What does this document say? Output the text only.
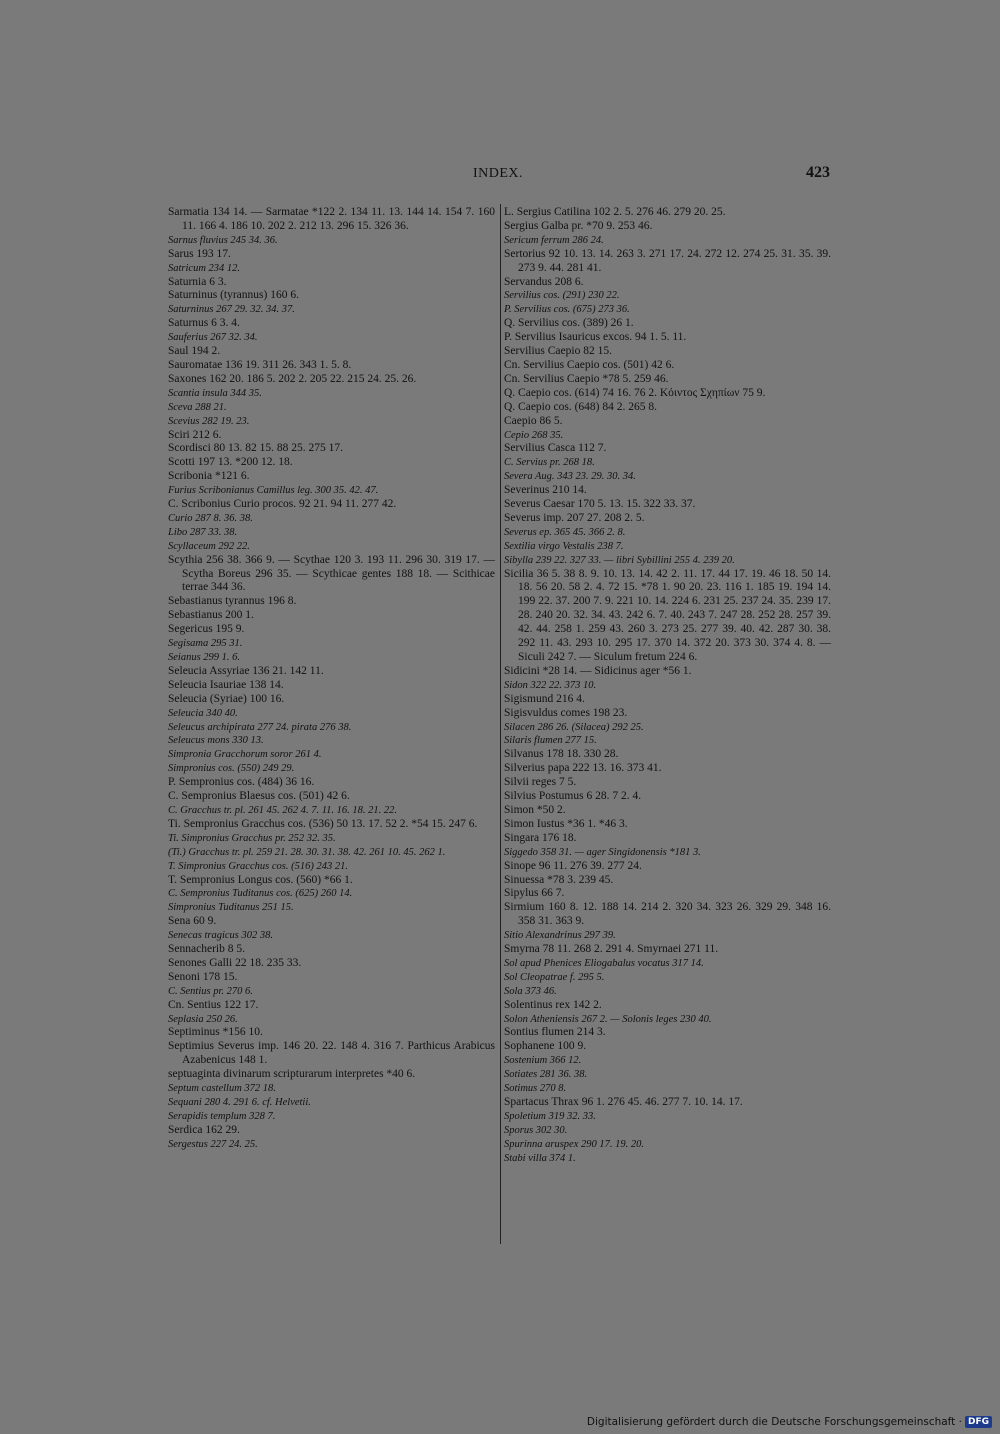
INDEX.	423

Sarmatia 134 14. — Sarmatae *122 2. 134 11. 13. 144 14. 154 7. 160 11. 166 4. 186 10. 202 2. 212 13. 296 15. 326 36.

Sarnus fluvius 245 34. 36.

Sarus 193 17.

Satricum 234 12.

Saturnia 6 3.

Saturninus (tyrannus) 160 6.

Saturninus 267 29. 32. 34. 37.

Saturnus 6 3. 4.

Sauferius 267 32. 34.

Saul 194 2.

Sauromatae 136 19. 311 26. 343 1. 5. 8.

Saxones 162 20. 186 5. 202 2. 205 22. 215 24. 25. 26.

Scantia insula 344 35.

Sceva 288 21.

Scevius 282 19. 23.

Sciri 212 6.

Scordisci 80 13. 82 15. 88 25. 275 17.

Scotti 197 13. *200 12. 18.

Scribonia *121 6.

Furius Scribonianus Camillus leg. 300 35. 42. 47.

C. Scribonius Curio procos. 92 21. 94 11. 277 42.

Curio 287 8. 36. 38.

Libo 287 33. 38.

Scyllaceum 292 22.

Scythia 256 38. 366 9. — Scythae 120 3. 193 11. 296 30. 319 17. — Scytha Boreus 296 35. — Scythicae gentes 188 18. — Scithicae terrae 344 36.

Sebastianus tyrannus 196 8.

Sebastianus 200 1.

Segericus 195 9.

Segisama 295 31.

Seianus 299 1. 6.

Seleucia Assyriae 136 21. 142 11.

Seleucia Isauriae 138 14.

Seleucia (Syriae) 100 16.

Seleucia 340 40.

Seleucus archipirata 277 24. pirata 276 38.

Seleucus mons 330 13.

Simpronia Gracchorum soror 261 4.

Simpronius cos. (550) 249 29.

P. Sempronius cos. (484) 36 16.

C. Sempronius Blaesus cos. (501) 42 6.

C. Gracchus tr. pl. 261 45. 262 4. 7. 11. 16. 18. 21. 22.

Ti. Sempronius Gracchus cos. (536) 50 13. 17. 52 2. *54 15. 247 6.

Ti. Simpronius Gracchus pr. 252 32. 35.

(Ti.) Gracchus tr. pl. 259 21. 28. 30. 31. 38. 42. 261 10. 45. 262 1.

T. Simpronius Gracchus cos. (516) 243 21.

T. Sempronius Longus cos. (560) *66 1.

C. Sempronius Tuditanus cos. (625) 260 14.

Simpronius Tuditanus 251 15.

Sena 60 9.

Senecas tragicus 302 38.

Sennacherib 8 5.

Senones Galli 22 18. 235 33.

Senoni 178 15.

C. Sentius pr. 270 6.

Cn. Sentius 122 17.

Seplasia 250 26.

Septiminus *156 10.

Septimius Severus imp. 146 20. 22. 148 4. 316 7. Parthicus Arabicus Azabenicus 148 1.

septuaginta divinarum scripturarum interpretes *40 6.

Septum castellum 372 18.

Sequani 280 4. 291 6. cf. Helvetii.

Serapidis templum 328 7.

Serdica 162 29.

Sergestus 227 24. 25.

L. Sergius Catilina 102 2. 5. 276 46. 279 20. 25.

Sergius Galba pr. *70 9. 253 46.

Sericum ferrum 286 24.

Sertorius 92 10. 13. 14. 263 3. 271 17. 24. 272 12. 274 25. 31. 35. 39. 273 9. 44. 281 41.

Servandus 208 6.

Servilius cos. (291) 230 22.

P. Servilius cos. (675) 273 36.

Q. Servilius cos. (389) 26 1.

P. Servilius Isauricus excos. 94 1. 5. 11.

Servilius Caepio 82 15.

Cn. Servilius Caepio cos. (501) 42 6.

Cn. Servilius Caepio *78 5. 259 46.

Q. Caepio cos. (614) 74 16. 76 2. Κόιντος Σχηπίων 75 9.

Q. Caepio cos. (648) 84 2. 265 8.

Caepio 86 5.

Cepio 268 35.

Servilius Casca 112 7.

C. Servius pr. 268 18.

Severa Aug. 343 23. 29. 30. 34.

Severinus 210 14.

Severus Caesar 170 5. 13. 15. 322 33. 37.

Severus imp. 207 27. 208 2. 5.

Severus ep. 365 45. 366 2. 8.

Sextilia virgo Vestalis 238 7.

Sibylla 239 22. 327 33. — libri Sybillini 255 4. 239 20.

Sicilia 36 5. 38 8. 9. 10. 13. 14. 42 2. 11. 17. 44 17. 19. 46 18. 50 14. 18. 56 20. 58 2. 4. 72 15. *78 1. 90 20. 23. 116 1. 185 19. 194 14. 199 22. 37. 200 7. 9. 221 10. 14. 224 6. 231 25. 237 24. 35. 239 17. 28. 240 20. 32. 34. 43. 242 6. 7. 40. 243 7. 247 28. 252 28. 257 39. 42. 44. 258 1. 259 43. 260 3. 273 25. 277 39. 40. 42. 287 30. 38. 292 11. 43. 293 10. 295 17. 370 14. 372 20. 373 30. 374 4. 8. — Siculi 242 7. — Siculum fretum 224 6.

Sidicini *28 14. — Sidicinus ager *56 1.

Sidon 322 22. 373 10.

Sigismund 216 4.

Sigisvuldus comes 198 23.

Silacen 286 26. (Silacea) 292 25.

Silaris flumen 277 15.

Silvanus 178 18. 330 28.

Silverius papa 222 13. 16. 373 41.

Silvii reges 7 5.

Silvius Postumus 6 28. 7 2. 4.

Simon *50 2.

Simon Iustus *36 1. *46 3.

Singara 176 18.

Siggedo 358 31. — ager Singidonensis *181 3.

Sinope 96 11. 276 39. 277 24.

Sinuessa *78 3. 239 45.

Sipylus 66 7.

Sirmium 160 8. 12. 188 14. 214 2. 320 34. 323 26. 329 29. 348 16. 358 31. 363 9.

Sitio Alexandrinus 297 39.

Smyrna 78 11. 268 2. 291 4. Smyrnaei 271 11.

Sol apud Phenices Eliogabalus vocatus 317 14.

Sol Cleopatrae f. 295 5.

Sola 373 46.

Solentinus rex 142 2.

Solon Atheniensis 267 2. — Solonis leges 230 40.

Sontius flumen 214 3.

Sophanene 100 9.

Sostenium 366 12.

Sotiates 281 36. 38.

Sotimus 270 8.

Spartacus Thrax 96 1. 276 45. 46. 277 7. 10. 14. 17.

Spoletium 319 32. 33.

Sporus 302 30.

Spurinna aruspex 290 17. 19. 20.

Stabi villa 374 1.

Digitalisierung gefördert durch die Deutsche Forschungsgemeinschaft · DFG
